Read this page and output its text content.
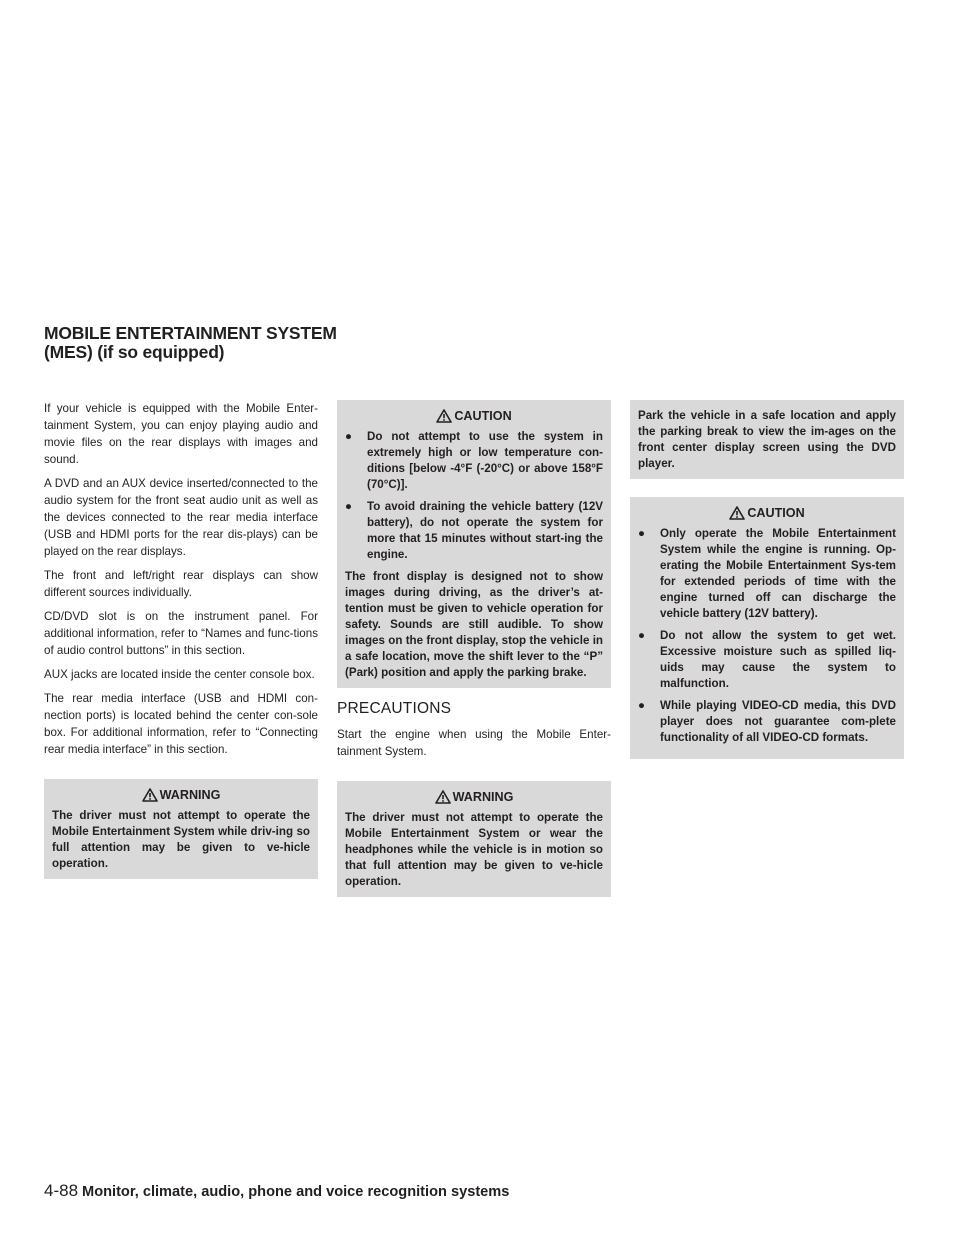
MOBILE ENTERTAINMENT SYSTEM
(MES) (if so equipped)

If your vehicle is equipped with the Mobile Enter-tainment System, you can enjoy playing audio and movie files on the rear displays with images and sound.

A DVD and an AUX device inserted/connected to the audio system for the front seat audio unit as well as the devices connected to the rear media interface (USB and HDMI ports for the rear dis-plays) can be played on the rear displays.

The front and left/right rear displays can show different sources individually.

CD/DVD slot is on the instrument panel. For additional information, refer to “Names and func-tions of audio control buttons” in this section.

AUX jacks are located inside the center console box.

The rear media interface (USB and HDMI con-nection ports) is located behind the center con-sole box. For additional information, refer to “Connecting rear media interface” in this section.

WARNING

The driver must not attempt to operate the Mobile Entertainment System while driv-ing so full attention may be given to ve-hicle operation.

CAUTION
● Do not attempt to use the system in extremely high or low temperature con-ditions [below -4°F (-20°C) or above 158°F (70°C)].
● To avoid draining the vehicle battery (12V battery), do not operate the system for more that 15 minutes without start-ing the engine.

The front display is designed not to show images during driving, as the driver’s at-tention must be given to vehicle operation for safety. Sounds are still audible. To show images on the front display, stop the vehicle in a safe location, move the shift lever to the “P” (Park) position and apply the parking brake.

PRECAUTIONS

Start the engine when using the Mobile Enter-tainment System.

WARNING

The driver must not attempt to operate the Mobile Entertainment System or wear the headphones while the vehicle is in motion so that full attention may be given to ve-hicle operation.

Park the vehicle in a safe location and apply the parking break to view the im-ages on the front center display screen using the DVD player.

CAUTION
● Only operate the Mobile Entertainment System while the engine is running. Op-erating the Mobile Entertainment Sys-tem for extended periods of time with the engine turned off can discharge the vehicle battery (12V battery).
● Do not allow the system to get wet. Excessive moisture such as spilled liq-uids may cause the system to malfunction.
● While playing VIDEO-CD media, this DVD player does not guarantee com-plete functionality of all VIDEO-CD formats.
4-88 Monitor, climate, audio, phone and voice recognition systems
